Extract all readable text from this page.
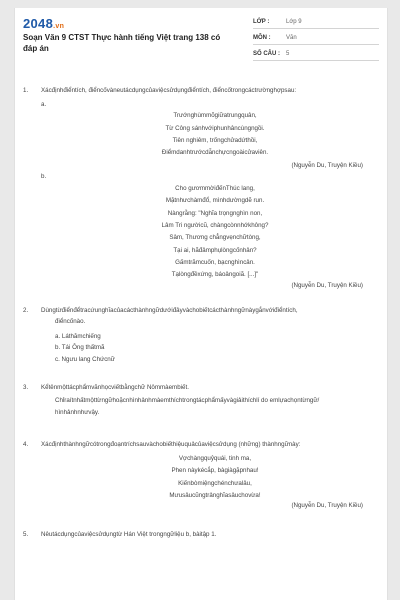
2048.vn
Soạn Văn 9 CTST Thực hành tiếng Việt trang 138 có đáp án
LỚP :	Lớp 9
MÔN :	Văn
SỐ CÂU : 5
1. Xácđịnhđiểntích, điểncốvàneutácdụngcủaviệcsửdụngđiểntích, điểncốtrongcáctrườnghợpsau:
a.
Trướnghùmmõgiữatrungquân,
Từ Công sánhvớiphunhâncùngngồi.
Tiên nghiêm, trốngchửadứthồi,
Điểmdanhtrướcdẫnchựcngoàicửaviên.
(Nguyễn Du, Truyện Kiều)
b.
Cho gươmmờiđếnThúc lang,
Mặtnhưchàmđổ, mìnhdườngdẽ run.
Nàngrằng: "Nghĩa trọngnghìn non,
Lâm Tri ngườicũ, chàngcònnhớkhông?
Sâm, Thương chẳngvẹnchữtòng,
Tại ai, hãđâmphụlòngcốnhân?
Gấmtrămcuốn, bạcnghìncân.
Tạlòngđềxứng, báoângoiã. [...]"
(Nguyễn Du, Truyện Kiều)
2. Dùngtừđiểnđểtracứunghĩacủacácthànhngữdướiđâyvàchobiếtcácthànhngữnàygắnvớiđiểntích,
điểncốnào.
a. Láthămchiếng
b. Tái Ông thấtmã
c. Ngưu lang Chứcnữ
3. Kểtênmộttácphẩmvănhọcviếtbằngchữ Nômmàembiết.
Chỉraítnhấtmộttừngữhoặcnhìnhảnhmàemthíchtrongtácphẩmấyvàgiảithíchlí do emlựachọntừngữ/
hìnhảnhnhưvậy.
4. Xácđịnhthànhngữcótrongđoạntríchsauvàchobiếthiệuquảcủaviệcsửdụng (những) thànhngữnày:
Vợchàngquỷquái, tinh ma,
Phen nàykécắp, bàgiàgặpnhau!
Kiếnbòmiệngchénchưalâu,
Mưusâucũngtrảnghĩasâuchovừa!
(Nguyễn Du, Truyện Kiều)
5. Nêutácdụngcủaviệcsửdụngtừ Hán Việt trongngữliệu b, bàitập 1.
